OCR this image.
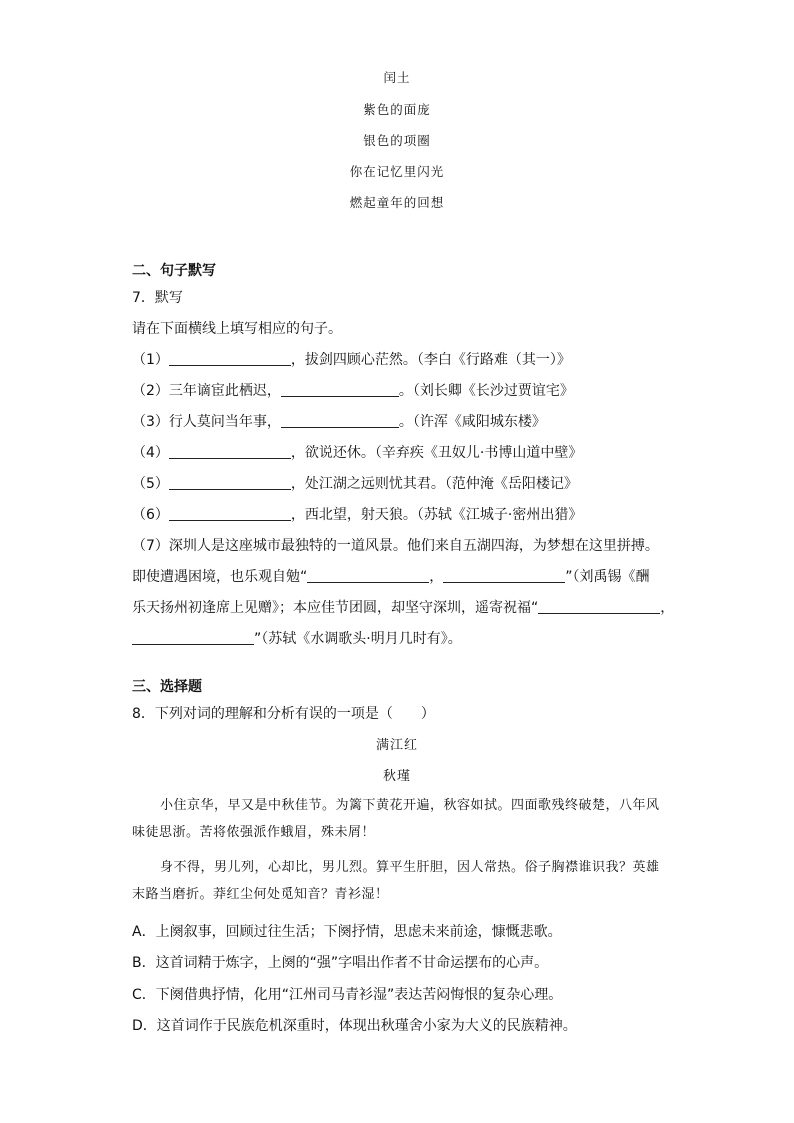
闰土
紫色的面庞
银色的项圈
你在记忆里闪光
燃起童年的回想
二、句子默写
7．默写
请在下面横线上填写相应的句子。
（1）	，拔剑四顾心茫然。（李白《行路难（其一）》
（2）三年谪宦此栖迟，	。（刘长卿《长沙过贾谊宅》
（3）行人莫问当年事，	。（许浑《咸阳城东楼》
（4）	，欲说还休。（辛弃疾《丑奴儿·书博山道中壁》
（5）	，处江湖之远则忧其君。（范仲淹《岳阳楼记》
（6）	，西北望，射天狼。（苏轼《江城子·密州出猎》
（7）深圳人是这座城市最独特的一道风景。他们来自五湖四海，为梦想在这里拼搏。
即使遭遇困境，也乐观自勉“	，	”（刘禹锡《酬
乐天扬州初逢席上见赠》；本应佳节团圆，却坚守深圳，遥寄祝福“	，
”（苏轼《水调歌头·明月几时有》。
三、选择题
8．下列对词的理解和分析有误的一项是（　　）
满江红
秋瑾
小住京华，早又是中秋佳节。为篱下黄花开遍，秋容如拭。四面歌残终破楚，八年风味徒思浙。苦将侬强派作蛾眉，殊未屑！
身不得，男儿列，心却比，男儿烈。算平生肝胆，因人常热。俗子胸襟谁识我？英雄末路当磨折。莽红尘何处觅知音？青衫湿！
A．上阕叙事，回顾过往生活；下阕抒情，思虑未来前途，慷慨悲歌。
B．这首词精于炼字，上阕的“强”字唱出作者不甘命运摆布的心声。
C．下阕借典抒情，化用“江州司马青衫湿”表达苦闷悔恨的复杂心理。
D．这首词作于民族危机深重时，体现出秋瑾舍小家为大义的民族精神。
